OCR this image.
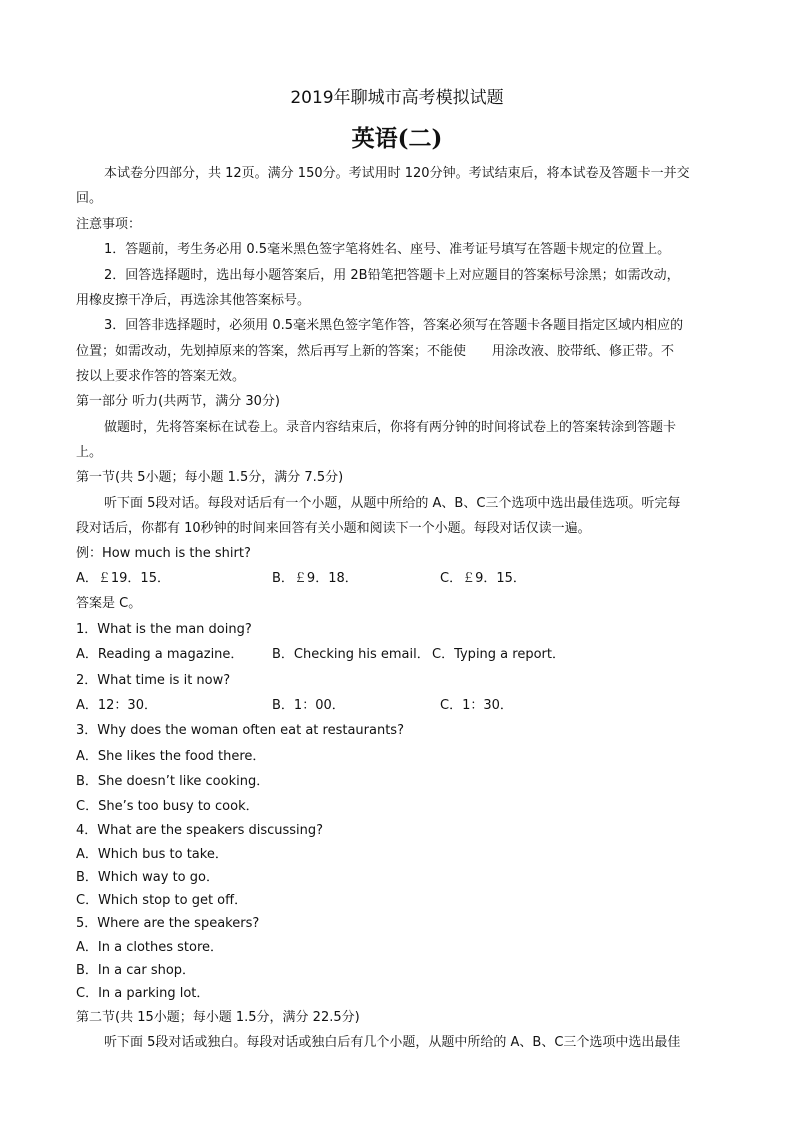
2019年聊城市高考模拟试题
英语(二)
本试卷分四部分，共 12页。满分 150分。考试用时 120分钟。考试结束后，将本试卷及答题卡一并交
回。
注意事项：
1．答题前，考生务必用 0.5毫米黑色签字笔将姓名、座号、准考证号填写在答题卡规定的位置上。
2．回答选择题时，选出每小题答案后，用 2B铅笔把答题卡上对应题目的答案标号涂黑；如需改动，
用橡皮擦干净后，再选涂其他答案标号。
3．回答非选择题时，必须用 0.5毫米黑色签字笔作答，答案必须写在答题卡各题目指定区域内相应的
位置；如需改动，先划掉原来的答案，然后再写上新的答案；不能使　　用涂改液、胶带纸、修正带。不
按以上要求作答的答案无效。
第一部分 听力(共两节，满分 30分)
做题时，先将答案标在试卷上。录音内容结束后，你将有两分钟的时间将试卷上的答案转涂到答题卡
上。
第一节(共 5小题；每小题 1.5分，满分 7.5分)
听下面 5段对话。每段对话后有一个小题，从题中所给的 A、B、C三个选项中选出最佳选项。听完每
段对话后，你都有 10秒钟的时间来回答有关小题和阅读下一个小题。每段对话仅读一遍。
例：How much is the shirt?
A．￡19．15．	B．￡9．18．	C．￡9．15．
答案是 C。
1．What is the man doing?
A．Reading a magazine． B．Checking his email． C．Typing a report．
2．What time is it now?
A．12：30．	B．1：00．	C．1：30．
3．Why does the woman often eat at restaurants?
A．She likes the food there．
B．She doesn’t like cooking．
C．She’s too busy to cook．
4．What are the speakers discussing?
A．Which bus to take．
B．Which way to go．
C．Which stop to get off．
5．Where are the speakers?
A．In a clothes store．
B．In a car shop．
C．In a parking lot．
第二节(共 15小题；每小题 1.5分，满分 22.5分)
听下面 5段对话或独白。每段对话或独白后有几个小题，从题中所给的 A、B、C三个选项中选出最佳
